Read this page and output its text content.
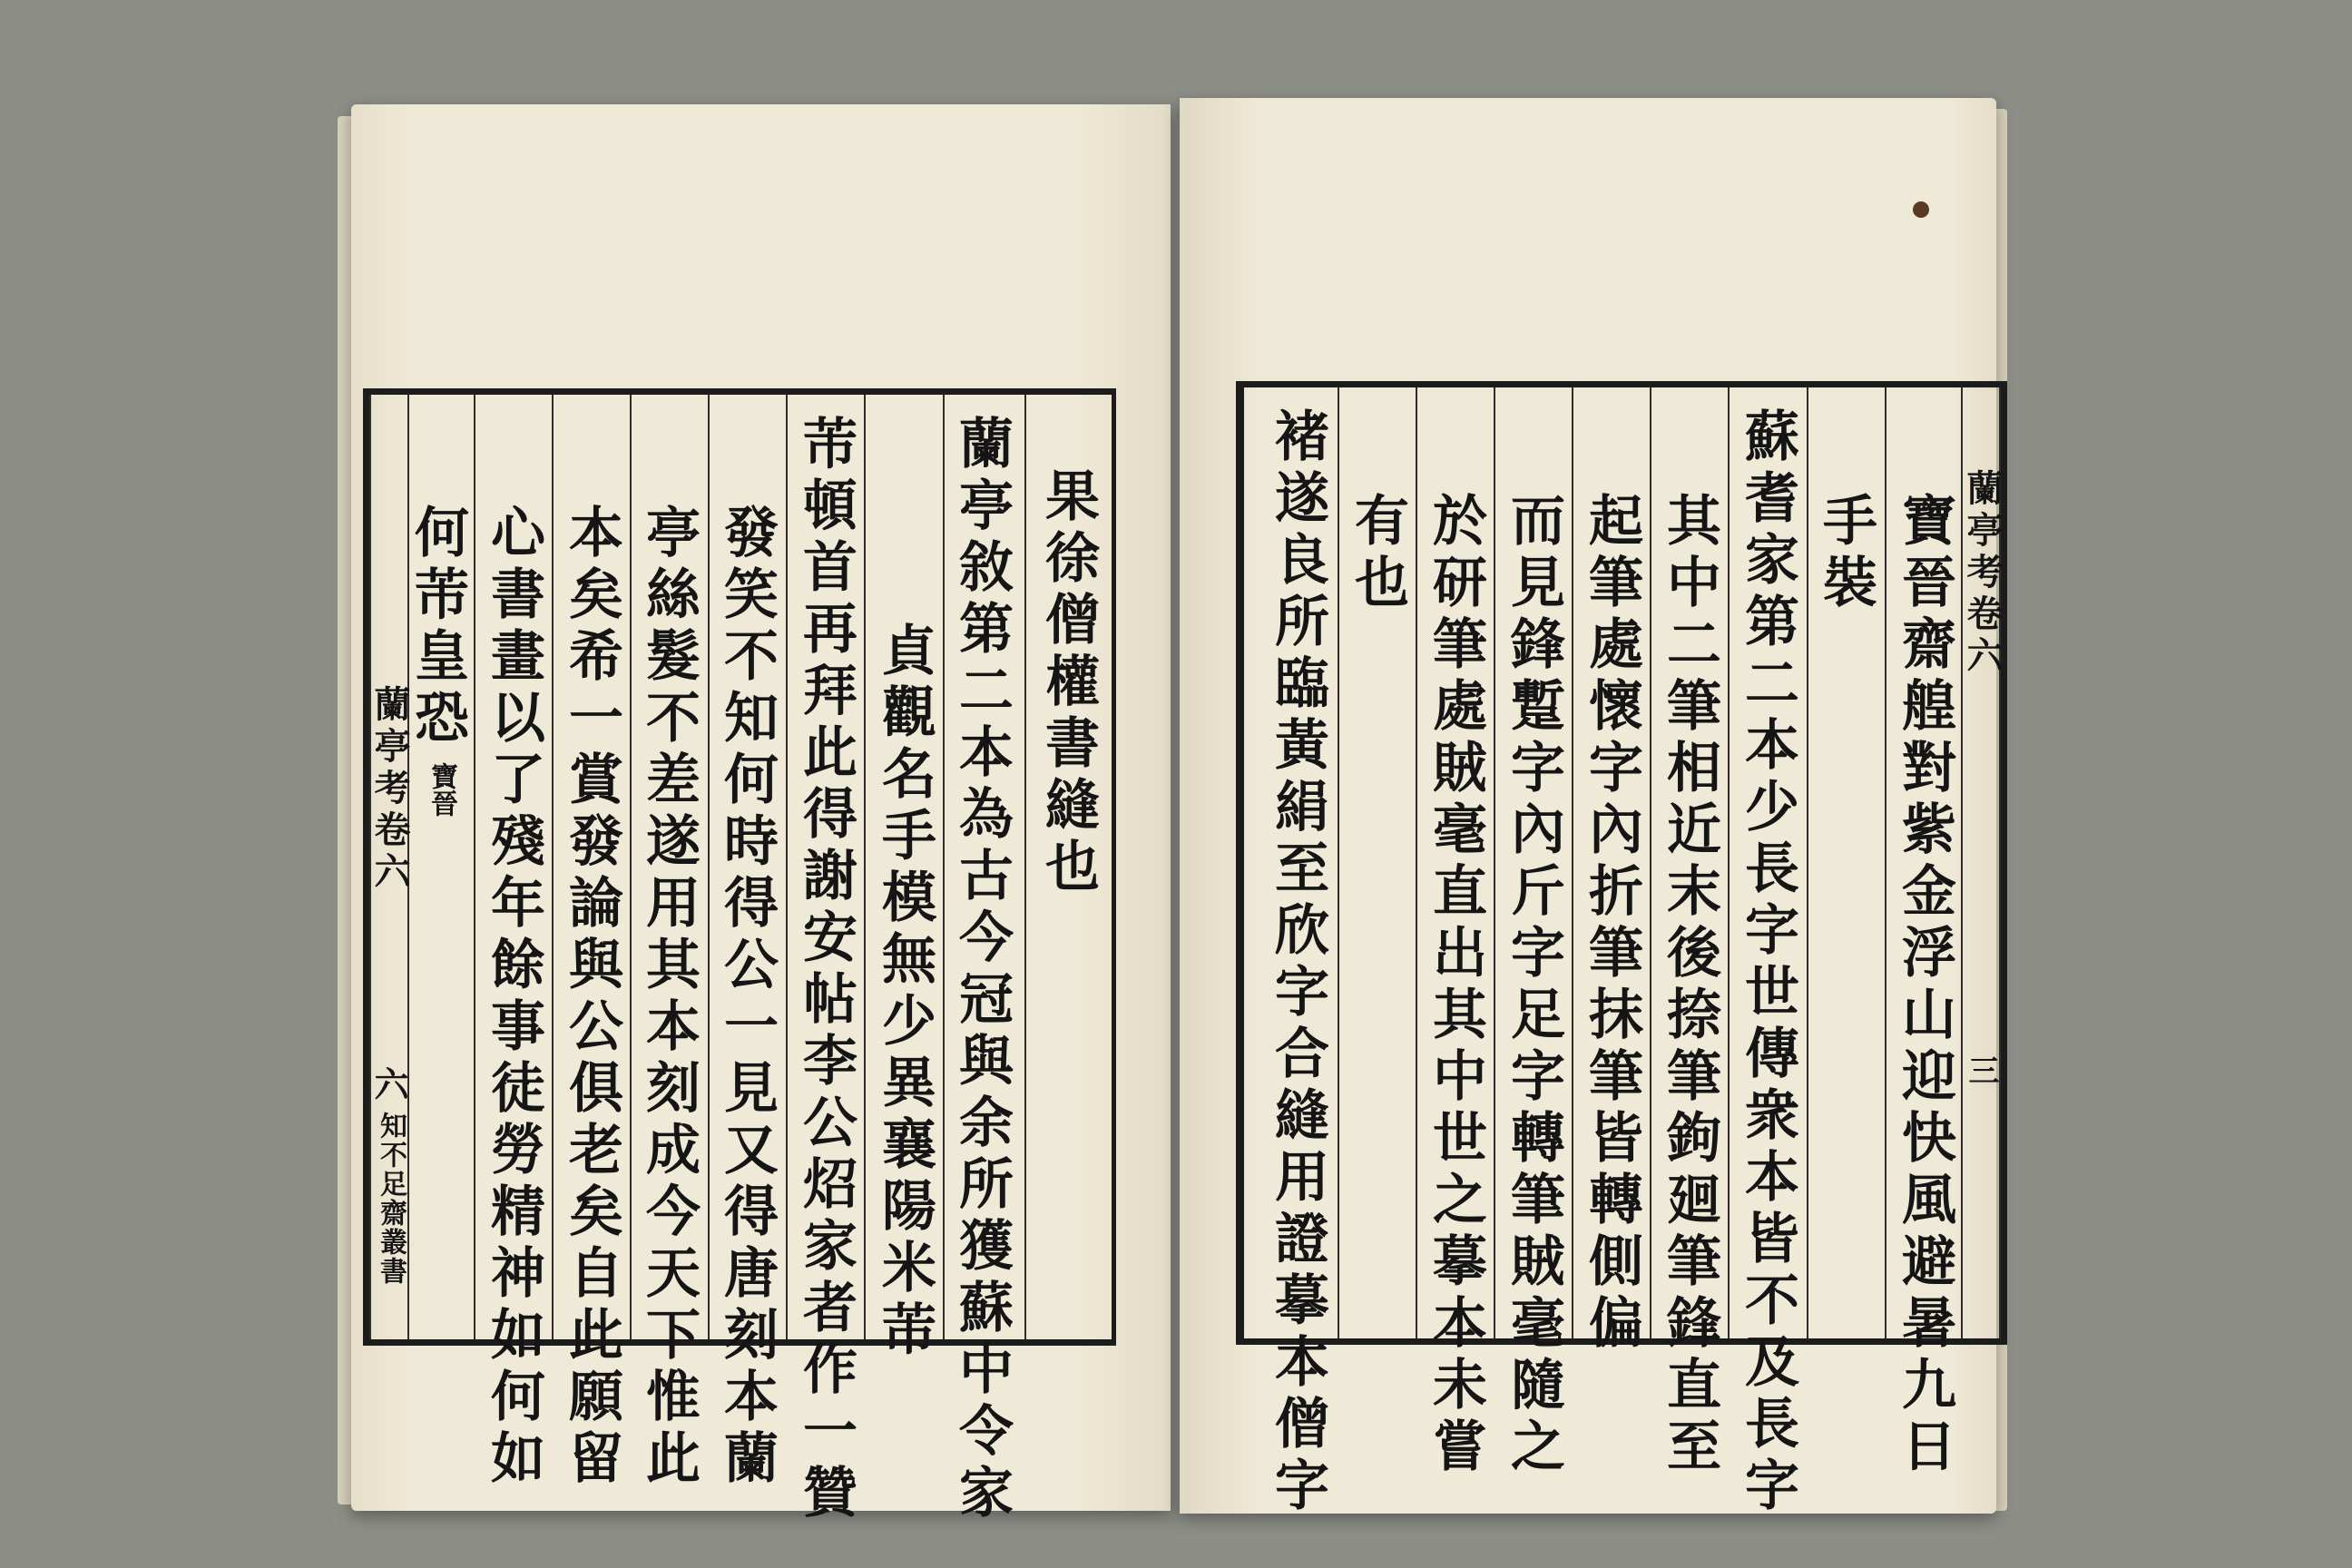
果徐僧權書縫也
蘭亭敘第二本為古今冠與余所獲蘇中令家
貞觀名手模無少異襄陽米芾
芾頓首再拜此得謝安帖李公炤家者作一贊
發笑不知何時得公一見又得唐刻本蘭
亭絲髮不差遂用其本刻成今天下惟此
本矣希一賞發論與公俱老矣自此願留
心書畫以了殘年餘事徒勞精神如何如
何芾皇恐
寶晉
蘭亭考卷六
六
知不足齋叢書
蘭亭考卷六
三
寶晉齋艎對紫金浮山迎快風避暑九日
手裝
蘇耆家第二本少長字世傳衆本皆不及長字
其中二筆相近末後捺筆鉤廻筆鋒直至
起筆處懷字內折筆抹筆皆轉側偏
而見鋒蹔字內斤字足字轉筆賊毫隨之
於研筆處賊毫直出其中世之摹本未嘗
有也
褚遂良所臨黃絹至欣字合縫用證摹本僧字
